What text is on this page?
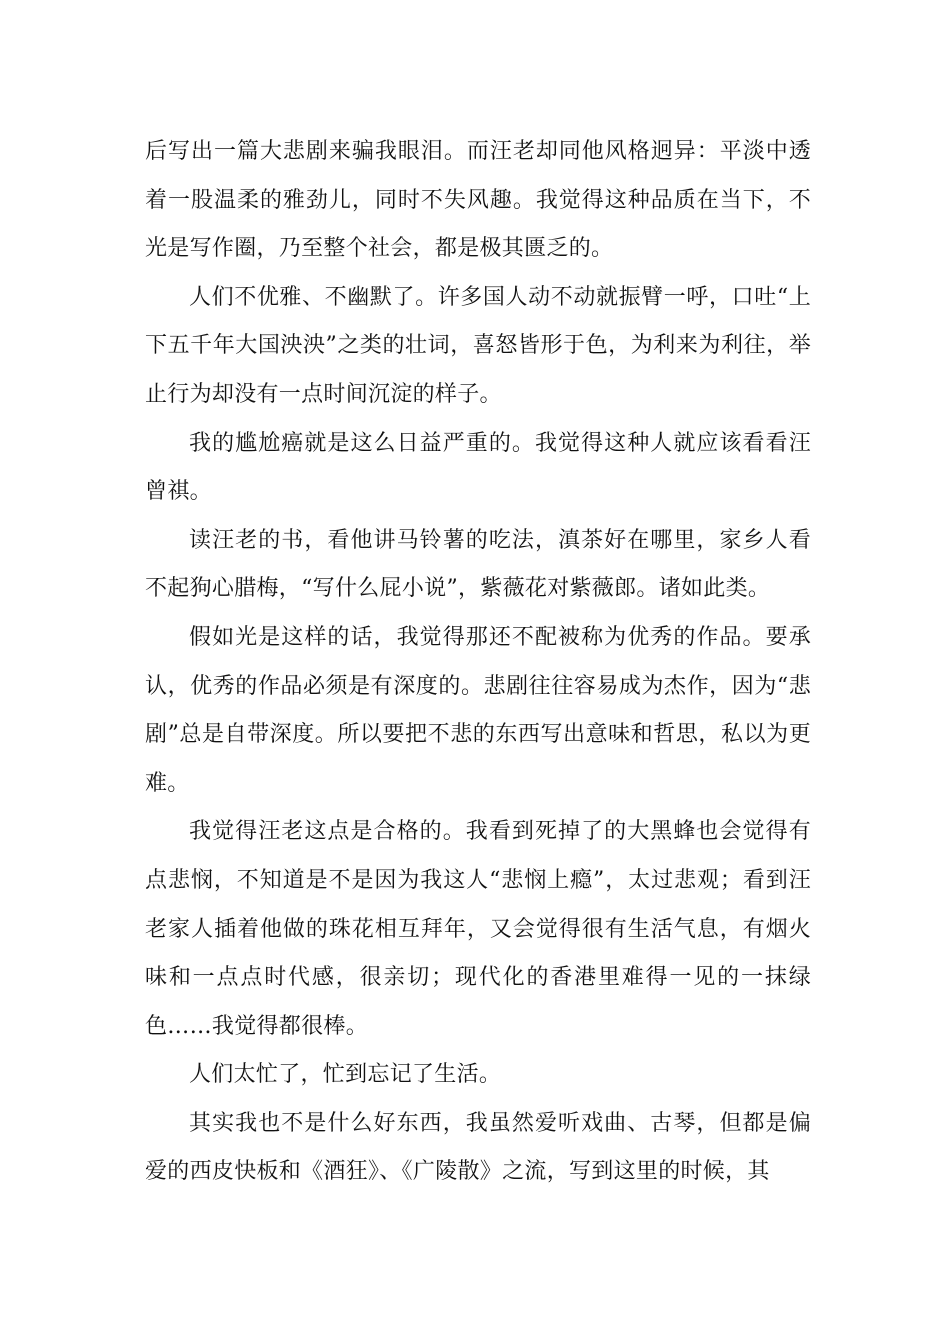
后写出一篇大悲剧来骗我眼泪。而汪老却同他风格迥异：平淡中透着一股温柔的雅劲儿，同时不失风趣。我觉得这种品质在当下，不光是写作圈，乃至整个社会，都是极其匮乏的。

人们不优雅、不幽默了。许多国人动不动就振臂一呼，口吐“上下五千年大国泱泱”之类的壮词，喜怒皆形于色，为利来为利往，举止行为却没有一点时间沉淀的样子。

我的尴尬癌就是这么日益严重的。我觉得这种人就应该看看汪曾祺。

读汪老的书，看他讲马铃薯的吃法，滇茶好在哪里，家乡人看不起狗心腊梅，“写什么屁小说”，紫薇花对紫薇郎。诸如此类。

假如光是这样的话，我觉得那还不配被称为优秀的作品。要承认，优秀的作品必须是有深度的。悲剧往往容易成为杰作，因为“悲剧”总是自带深度。所以要把不悲的东西写出意味和哲思，私以为更难。

我觉得汪老这点是合格的。我看到死掉了的大黑蜂也会觉得有点悲悯，不知道是不是因为我这人“悲悯上瘾”，太过悲观；看到汪老家人插着他做的珠花相互拜年，又会觉得很有生活气息，有烟火味和一点点时代感，很亲切；现代化的香港里难得一见的一抹绿色……我觉得都很棒。

人们太忙了，忙到忘记了生活。

其实我也不是什么好东西，我虽然爱听戏曲、古琴，但都是偏爱的西皮快板和《酒狂》、《广陵散》之流，写到这里的时候，其
